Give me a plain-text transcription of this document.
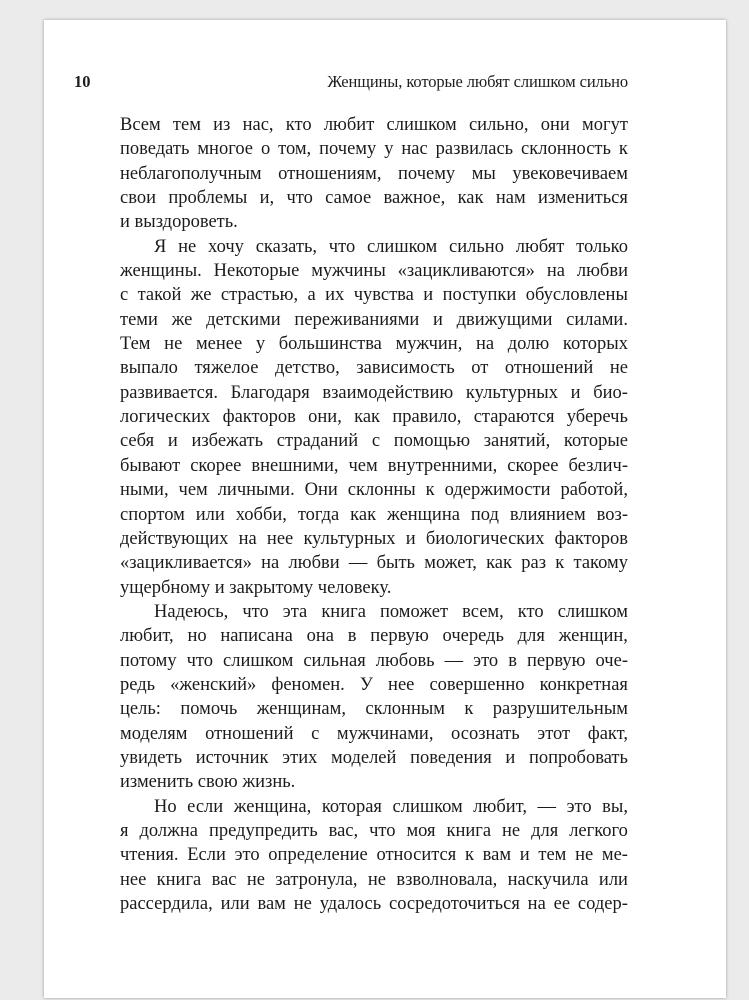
10	Женщины, которые любят слишком сильно
Всем тем из нас, кто любит слишком сильно, они могут
поведать многое о том, почему у нас развилась склонность к
неблагополучным отношениям, почему мы увековечиваем
свои проблемы и, что самое важное, как нам измениться
и выздороветь.
Я не хочу сказать, что слишком сильно любят только
женщины. Некоторые мужчины «зацикливаются» на любви
с такой же страстью, а их чувства и поступки обусловлены
теми же детскими переживаниями и движущими силами.
Тем не менее у большинства мужчин, на долю которых
выпало тяжелое детство, зависимость от отношений не
развивается. Благодаря взаимодействию культурных и био-
логических факторов они, как правило, стараются уберечь
себя и избежать страданий с помощью занятий, которые
бывают скорее внешними, чем внутренними, скорее безлич-
ными, чем личными. Они склонны к одержимости работой,
спортом или хобби, тогда как женщина под влиянием воз-
действующих на нее культурных и биологических факторов
«зацикливается» на любви — быть может, как раз к такому
ущербному и закрытому человеку.
Надеюсь, что эта книга поможет всем, кто слишком
любит, но написана она в первую очередь для женщин,
потому что слишком сильная любовь — это в первую оче-
редь «женский» феномен. У нее совершенно конкретная
цель: помочь женщинам, склонным к разрушительным
моделям отношений с мужчинами, осознать этот факт,
увидеть источник этих моделей поведения и попробовать
изменить свою жизнь.
Но если женщина, которая слишком любит, — это вы,
я должна предупредить вас, что моя книга не для легкого
чтения. Если это определение относится к вам и тем не ме-
нее книга вас не затронула, не взволновала, наскучила или
рассердила, или вам не удалось сосредоточиться на ее содер-
